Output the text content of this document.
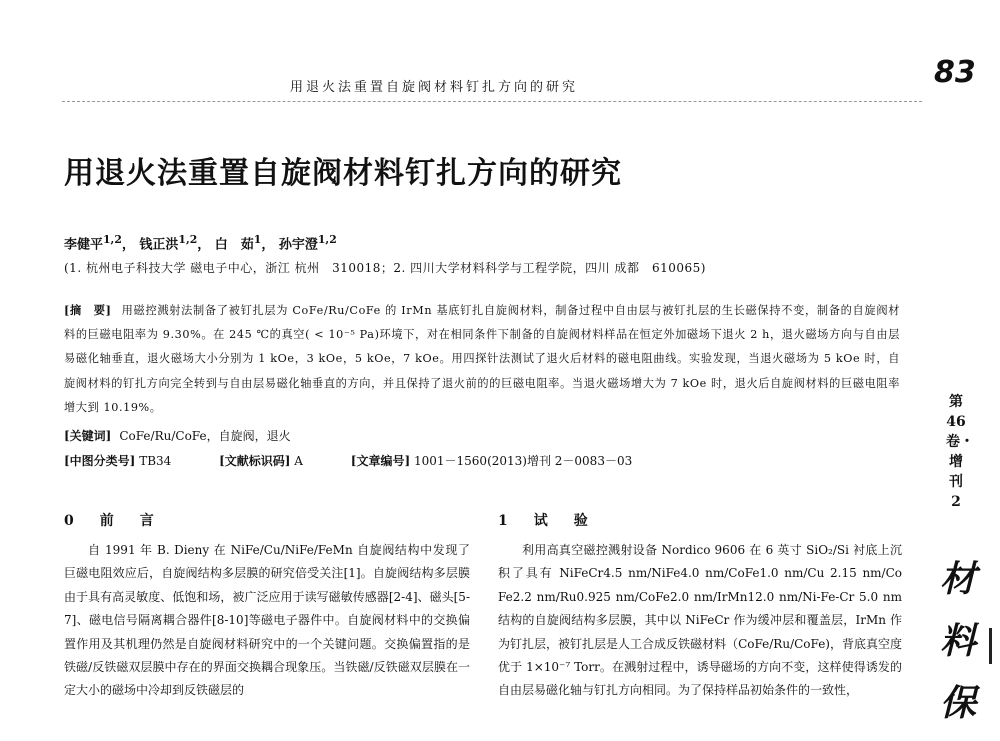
用退火法重置自旋阀材料钉扎方向的研究	83
用退火法重置自旋阀材料钉扎方向的研究
李健平$^{1,2}$， 钱正洪$^{1,2}$， 白　茹$^1$， 孙宇澄$^{1,2}$
(1. 杭州电子科技大学 磁电子中心，浙江 杭州　310018；2. 四川大学材料科学与工程学院，四川 成都　610065)
[摘　要] 用磁控溅射法制备了被钉扎层为 CoFe/Ru/CoFe 的 IrMn 基底钉扎自旋阀材料，制备过程中自由层与被钉扎层的生长磁保持不变，制备的自旋阀材料的巨磁电阻率为 9.30%。在 245 ℃的真空( < 10⁻⁵ Pa)环境下，对在相同条件下制备的自旋阀材料样品在恒定外加磁场下退火 2 h，退火磁场方向与自由层易磁化轴垂直，退火磁场大小分别为 1 kOe，3 kOe，5 kOe，7 kOe。用四探针法测试了退火后材料的磁电阻曲线。实验发现，当退火磁场为 5 kOe 时，自旋阀材料的钉扎方向完全转到与自由层易磁化轴垂直的方向，并且保持了退火前的的巨磁电阻率。当退火磁场增大为 7 kOe 时，退火后自旋阀材料的巨磁电阻率增大到 10.19%。
[关键词] CoFe/Ru/CoFe，自旋阀，退火
[中图分类号] TB34	[文献标识码] A	[文章编号] 1001－1560(2013)增刊 2－0083－03
0　前　言

自 1991 年 B. Dieny 在 NiFe/Cu/NiFe/FeMn 自旋阀结构中发现了巨磁电阻效应后，自旋阀结构多层膜的研究倍受关注[1]。自旋阀结构多层膜由于具有高灵敏度、低饱和场，被广泛应用于读写磁敏传感器[2-4]、磁头[5-7]、磁电信号隔离耦合器件[8-10]等磁电子器件中。自旋阀材料中的交换偏置作用及其机理仍然是自旋阀材料研究中的一个关键问题。交换偏置指的是铁磁/反铁磁双层膜中存在的界面交换耦合现象压。当铁磁/反铁磁双层膜在一定大小的磁场中冷却到反铁磁层的

1　试　验

利用高真空磁控溅射设备 Nordico 9606 在 6 英寸 SiO₂/Si 衬底上沉积了具有 NiFeCr4.5 nm/NiFe4.0 nm/CoFe1.0 nm/Cu 2.15 nm/Co Fe2.2 nm/Ru0.925 nm/CoFe2.0 nm/IrMn12.0 nm/Ni-Fe-Cr 5.0 nm 结构的自旋阀结构多层膜，其中以 NiFeCr 作为缓冲层和覆盖层，IrMn 作为钉扎层，被钉扎层是人工合成反铁磁材料（CoFe/Ru/CoFe)，背底真空度优于 1×10⁻⁷ Torr。在溅射过程中，诱导磁场的方向不变，这样使得诱发的自由层易磁化轴与钉扎方向相同。为了保持样品初始条件的一致性，

第46卷・增刊2
材料保
